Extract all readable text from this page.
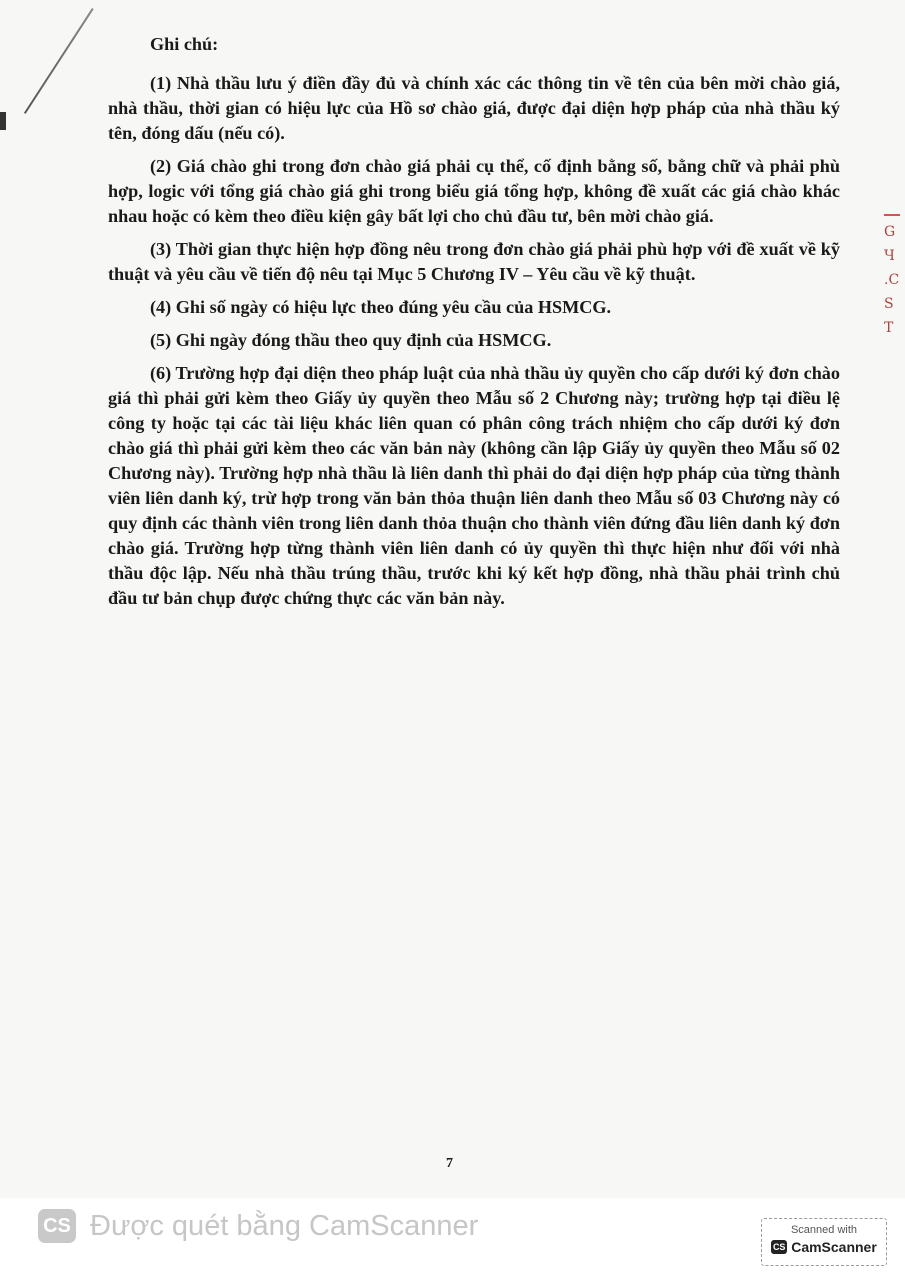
Ghi chú:

(1) Nhà thầu lưu ý điền đầy đủ và chính xác các thông tin về tên của bên mời chào giá, nhà thầu, thời gian có hiệu lực của Hồ sơ chào giá, được đại diện hợp pháp của nhà thầu ký tên, đóng dấu (nếu có).

(2) Giá chào ghi trong đơn chào giá phải cụ thể, cố định bằng số, bằng chữ và phải phù hợp, logic với tổng giá chào giá ghi trong biểu giá tổng hợp, không đề xuất các giá chào khác nhau hoặc có kèm theo điều kiện gây bất lợi cho chủ đầu tư, bên mời chào giá.

(3) Thời gian thực hiện hợp đồng nêu trong đơn chào giá phải phù hợp với đề xuất về kỹ thuật và yêu cầu về tiến độ nêu tại Mục 5 Chương IV – Yêu cầu về kỹ thuật.

(4) Ghi số ngày có hiệu lực theo đúng yêu cầu của HSMCG.

(5) Ghi ngày đóng thầu theo quy định của HSMCG.

(6) Trường hợp đại diện theo pháp luật của nhà thầu ủy quyền cho cấp dưới ký đơn chào giá thì phải gửi kèm theo Giấy ủy quyền theo Mẫu số 2 Chương này; trường hợp tại điều lệ công ty hoặc tại các tài liệu khác liên quan có phân công trách nhiệm cho cấp dưới ký đơn chào giá thì phải gửi kèm theo các văn bản này (không cần lập Giấy ủy quyền theo Mẫu số 02 Chương này). Trường hợp nhà thầu là liên danh thì phải do đại diện hợp pháp của từng thành viên liên danh ký, trừ hợp trong văn bản thỏa thuận liên danh theo Mẫu số 03 Chương này có quy định các thành viên trong liên danh thỏa thuận cho thành viên đứng đầu liên danh ký đơn chào giá. Trường hợp từng thành viên liên danh có ủy quyền thì thực hiện như đối với nhà thầu độc lập. Nếu nhà thầu trúng thầu, trước khi ký kết hợp đồng, nhà thầu phải trình chủ đầu tư bản chụp được chứng thực các văn bản này.

G
Ч
.C
S
T
7
CS Được quét bằng CamScanner	Scanned with
CS CamScanner
